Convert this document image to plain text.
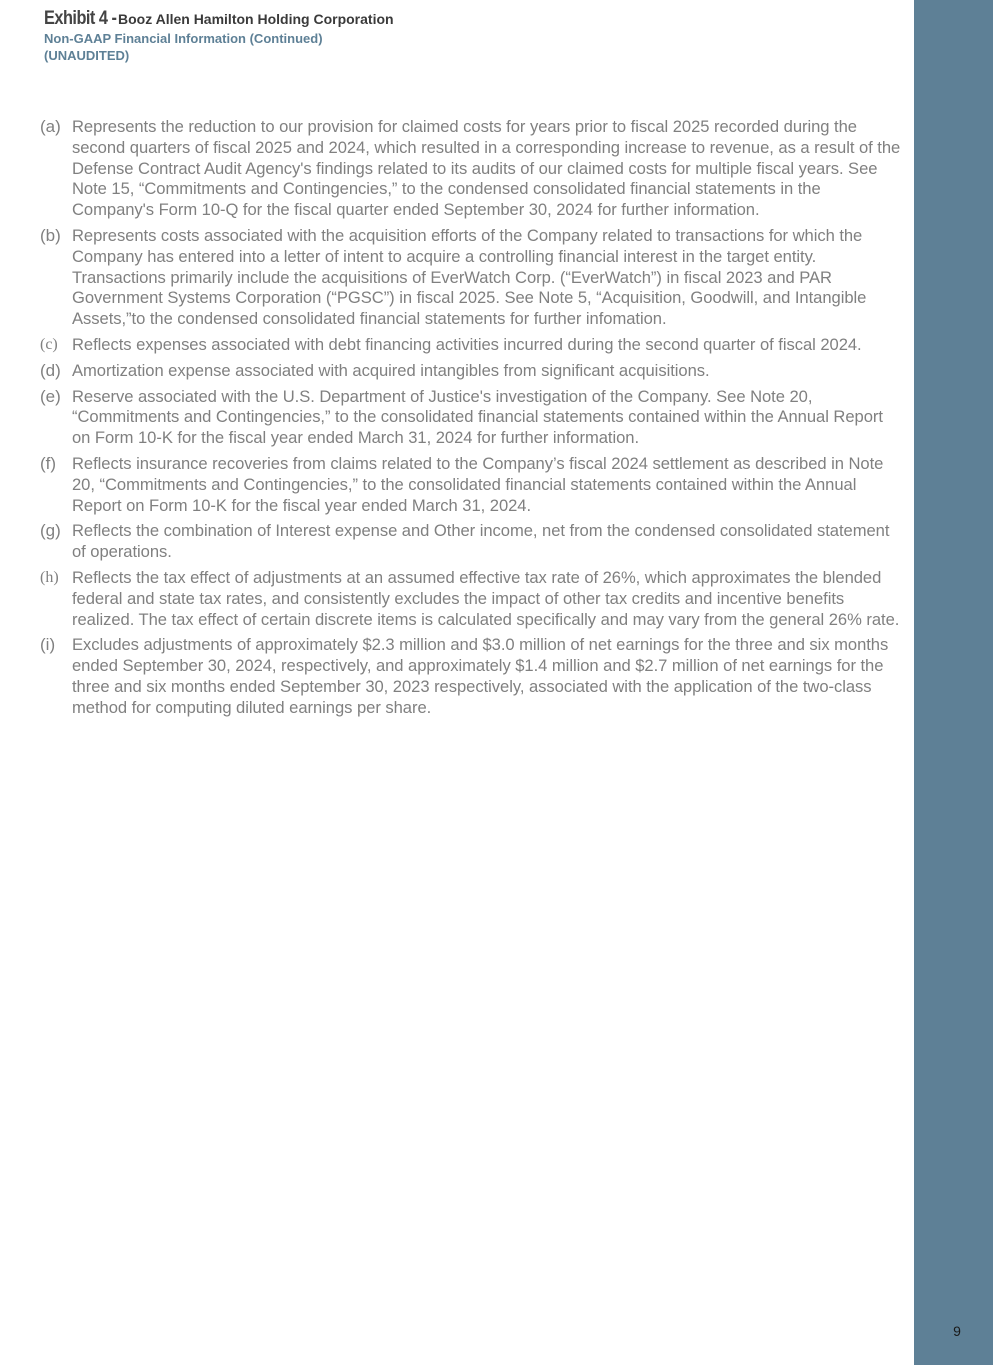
Exhibit 4 - Booz Allen Hamilton Holding Corporation
Non-GAAP Financial Information (Continued)
(UNAUDITED)
(a) Represents the reduction to our provision for claimed costs for years prior to fiscal 2025 recorded during the second quarters of fiscal 2025 and 2024, which resulted in a corresponding increase to revenue, as a result of the Defense Contract Audit Agency's findings related to its audits of our claimed costs for multiple fiscal years. See Note 15, “Commitments and Contingencies,” to the condensed consolidated financial statements in the Company's Form 10-Q for the fiscal quarter ended September 30, 2024 for further information.
(b) Represents costs associated with the acquisition efforts of the Company related to transactions for which the Company has entered into a letter of intent to acquire a controlling financial interest in the target entity. Transactions primarily include the acquisitions of EverWatch Corp. (“EverWatch”) in fiscal 2023 and PAR Government Systems Corporation (“PGSC”) in fiscal 2025. See Note 5, “Acquisition, Goodwill, and Intangible Assets,”to the condensed consolidated financial statements for further infomation.
(c) Reflects expenses associated with debt financing activities incurred during the second quarter of fiscal 2024.
(d) Amortization expense associated with acquired intangibles from significant acquisitions.
(e) Reserve associated with the U.S. Department of Justice's investigation of the Company. See Note 20, “Commitments and Contingencies,” to the consolidated financial statements contained within the Annual Report on Form 10-K for the fiscal year ended March 31, 2024 for further information.
(f) Reflects insurance recoveries from claims related to the Company’s fiscal 2024 settlement as described in Note 20, “Commitments and Contingencies,” to the consolidated financial statements contained within the Annual Report on Form 10-K for the fiscal year ended March 31, 2024.
(g) Reflects the combination of Interest expense and Other income, net from the condensed consolidated statement of operations.
(h) Reflects the tax effect of adjustments at an assumed effective tax rate of 26%, which approximates the blended federal and state tax rates, and consistently excludes the impact of other tax credits and incentive benefits realized. The tax effect of certain discrete items is calculated specifically and may vary from the general 26% rate.
(i)	Excludes adjustments of approximately $2.3 million and $3.0 million of net earnings for the three and six months ended September 30, 2024, respectively, and approximately $1.4 million and $2.7 million of net earnings for the three and six months ended September 30, 2023 respectively, associated with the application of the two-class method for computing diluted earnings per share.
9
